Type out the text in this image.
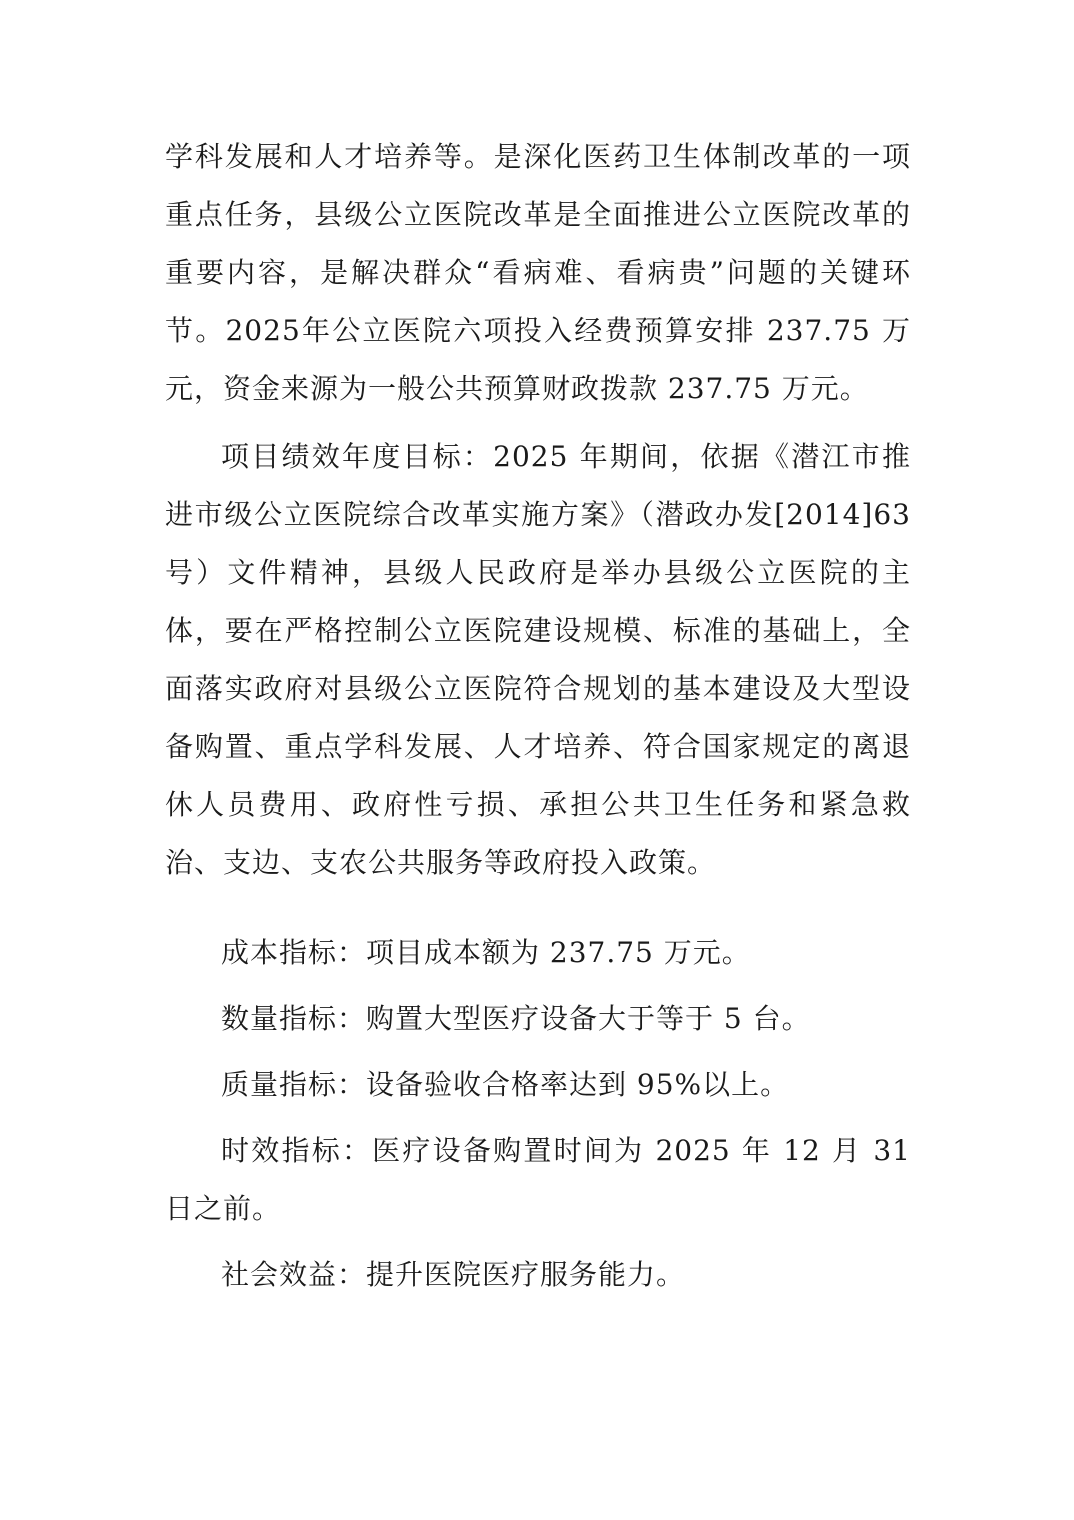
学科发展和人才培养等。是深化医药卫生体制改革的一项重点任务，县级公立医院改革是全面推进公立医院改革的重要内容，是解决群众“看病难、看病贵”问题的关键环节。2025年公立医院六项投入经费预算安排 237.75 万元，资金来源为一般公共预算财政拨款 237.75 万元。

项目绩效年度目标：2025 年期间，依据《潜江市推进市级公立医院综合改革实施方案》（潜政办发[2014]63 号）文件精神，县级人民政府是举办县级公立医院的主体，要在严格控制公立医院建设规模、标准的基础上，全面落实政府对县级公立医院符合规划的基本建设及大型设备购置、重点学科发展、人才培养、符合国家规定的离退休人员费用、政府性亏损、承担公共卫生任务和紧急救治、支边、支农公共服务等政府投入政策。

成本指标：项目成本额为 237.75 万元。

数量指标：购置大型医疗设备大于等于 5 台。

质量指标：设备验收合格率达到 95%以上。

时效指标：医疗设备购置时间为 2025 年 12 月 31 日之前。

社会效益：提升医院医疗服务能力。
